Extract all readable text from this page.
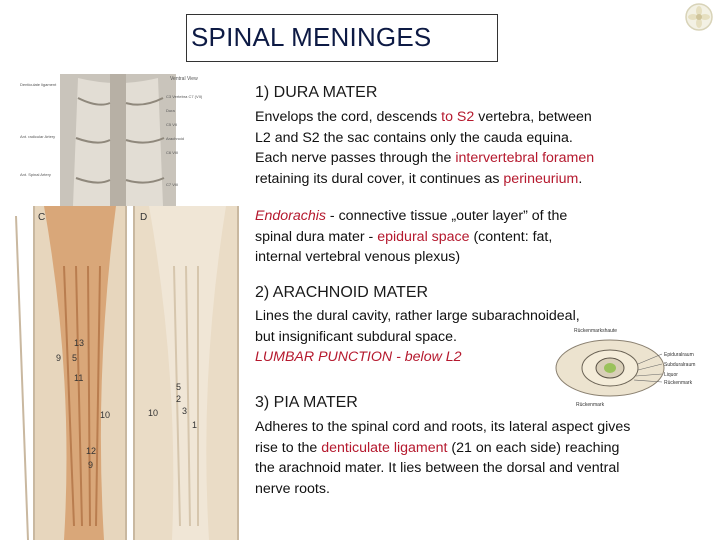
SPINAL MENINGES
Ventral View
C3 Vertebra C7 (VII)
Dura
C5 VII
Arachnoid
C6 VIII
C7 VIII
Denticulate ligament
Ant. radicular Artery
Ant. Spinal Artery
C	D
13
9 5
11
10
12
9
5
2
10	3
1
Rückenmarkshaute
Epiduralraum
Subduralraum
Liquor
Rückenmark
Rückenmark
1) DURA MATER
Envelops the cord, descends to S2 vertebra, between
L2 and S2 the sac contains only the cauda equina.
Each nerve passes through the intervertebral foramen
retaining its dural cover, it continues as perineurium.
Endorachis - connective tissue „outer layer” of the
spinal dura mater - epidural space (content: fat,
internal vertebral venous plexus)
2) ARACHNOID MATER
Lines the dural cavity, rather large subarachnoideal,
but insignificant subdural space.
LUMBAR PUNCTION - below L2
3) PIA MATER
Adheres to the spinal cord and roots, its lateral aspect gives
rise to the denticulate ligament (21 on each side) reaching
the arachnoid mater. It lies between the dorsal and ventral
nerve roots.
